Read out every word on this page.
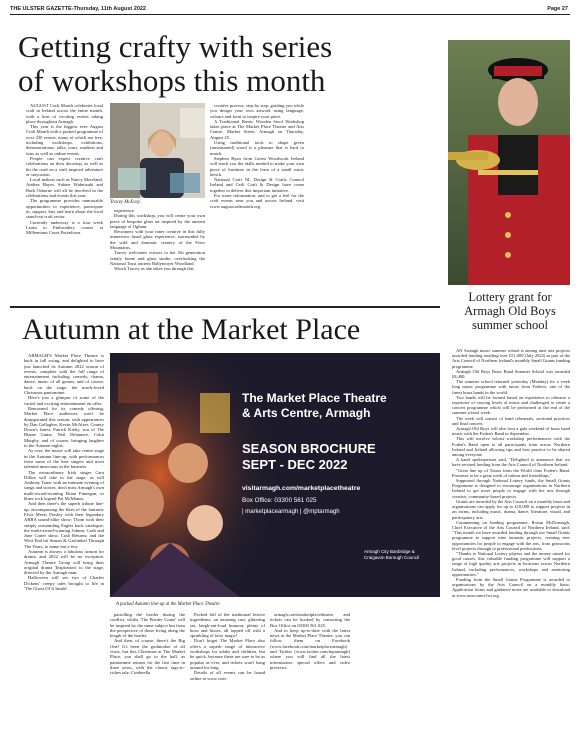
THE ULSTER GAZETTE-Thursday, 11th August 2022	Page 27
Getting crafty with series
of workshops this month

AUGUST Craft Month celebrates local craft in Ireland across the entire month, with a host of exciting events taking place throughout Armagh.

This year is the biggest ever August Craft Month with a packed programme of over 230 events, many of which are free, including workshops, exhibitions, demonstrations, talks, tours, markets and fairs as well as online events.

People can expect creative craft celebrations on their doorstep, as well as hit the road on a craft inspired adventure or staycation.

Local makers such as Nancy Moreland, Andrea Hayes, Sabine Wubnizaki and Ruth Osborne will all be involved in the celebrations and events this year.

The programme provides unmissable opportunities to experience, participate in, support, buy and learn about the local stand-out craft sector.

Currently underway is a four week Learn to Embroidery course at Millennium Court,Portadown.

Tracey McEvoy.

experience.

During this workshop, you will create your own piece of bespoke glass art inspired by the ancient language of Ogham.

Reconnect with your inner creative in this fully immersive fused glass experience, surrounded by the wild and dramatic scenery of the Fews Mountains.

Tracey welcomes visitors to her 5th generation family home and glass studio, overlooking the National Trust ancient Ballymoyer Woodland.

Winch Tracey as she takes you through this

creative process, step by step, guiding you while you design your own artwork using language, colours and form to inspire your piece.

A Traditional Rustic Wooden Stool Workshop takes place at The Market Place Theatre and Arts Centre, Market Street, Armagh on Thursday, August 25.

Using traditional tools to shape green (unseasoned) wood is a pleasure that is hard to match.

Stephen Ryan from Green Woodwork Ireland will teach you the skills needed to make your own piece of furniture in the form of a small rustic bench.

National Craft NI, Design & Crafts Council Ireland and Ceili Craft & Design have come together to deliver this important initiative.

For more information, and to get a feel for the craft events near you and across Ireland, visit www.augustcraftmonth.org.

Lottery grant for Armagh Old Boys summer school
Autumn at the Market Place

ARMAGH'S Market Place Theatre is back in full swing, and delighted to have just launched its Autumn 2022 season of events, complete with the full range of entertainment including comedy, drama, dance, music of all genres, and of course, back on the stage, the much-loved Christmas pantomime.

Here's just a glimpse of some of the varied and exciting entertainment on offer.

Renowned for its comedy offering, Market Place audiences won't be disappointed this season, with appearances by Dan Gallagher, Kevin McAleer, County Down's finest, Patrick Kielty, star of The Blame Game, Neil Delamere, Colin Murphy, and of course, bringing laughter to the Autumn nights.

As ever, the music will take centre stage in the Autumn line-up, with performances from some of the best singers and most talented musicians in the business.

The extraordinary Irish singer Cara Dillon will take to the stage, as will Anthony Toner with an intimate evening of songs and stories; don't miss Armagh's own multi-award-winning Brian Finnegan, or blues rock legend Pat McManus.

And then there's the superb tribute line-up, encompassing the likes of the fantastic Elvis Meets Presley with their legendary ABBA sound-alike show; Thom with their simply outstanding Eagles back catalogue; the multi-award-winning Johnny Cash and June Carter show, Cash Returns; and the West End hit Simon & Garfunkel Through The Years, to name but a few.

Autumn is always a fabulous season for drama, and 2022 will be no exception. Armagh Theatre Group will bring their original drama 'Inspiration' to the stage, directed by the Armagh man.

Halloween will see two of Charles Dickens' creepy tales brought to life in 'The Ghost Of It Inside'.

The Market Place Theatre
& Arts Centre, Armagh
SEASON BROCHURE
SEPT - DEC 2022
visitarmagh.com/marketplacetheatre
Box Office: 03300 561 025
| marketplacearmagh | @mptarmagh
Armagh City Banbridge & Craigavon Borough Council
A packed Autumn line-up at the Market Place Theatre.

patrolling the border during the conflict, whilst 'The Border Crane' will be inspired by the same subject but from the perspective of those living along the length of the border.

And then, of course, there's the Big One! It's been the godmother of all visits, but this Christmas at The Market Place, you shall go to the ball, as pantomime returns for the first time in three years, with the classic rags-to-riches tale, Cinderella.

Packed full of the traditional festive ingredients, an amazing cast, glittering set, laugh-out-loud humour, plenty of boos and hisses, all topped off with a sprinkling of fairy magic!

Don't forget The Market Place also offers a superb range of interactive workshops for adults and children, but be quick, because these are sure to be as popular as ever, and tickets won't hang around for long.

Details of all events can be found online at www.visit-

armagh.com/marketplacetheatre, and tickets can be booked by contacting the Box Office on 03300 561 025.

And to keep up-to-date with the latest news at the Market Place Theatre, you can follow them on Facebook (www.facebook.com/marketplacearmagh) and Twitter (www.twitter.com/mparmagh) where you will find all the latest information, special offers and video previews.

AN Armagh music summer school is among nine arts projects awarded funding totalling over £51,000 (July 2022) as part of the Arts Council of Northern Ireland's monthly Small Grants funding programme.

Armagh Old Boys Brass Band Summer School was awarded £8,400.

The summer school returned yesterday (Monday) for a week long music programme with tutors from Foden's, one of the finest brass bands in the world.

Two bands will be formed based on experience to rehearse a repertoire of varying levels of music and challenged to create a concert programme which will be performed at the end of the summer school week.

The week will consist of band rehearsals, sectional practices and final concert.

Armagh Old Boys will also host a gala weekend of brass band music with the Foden's Band in September.

This will involve soloist workshop performances with the Foden's Band open to all participants from across Northern Ireland and Ireland allowing tips and best practice to be shared among everyone.

A band spokesperson said, "Delighted to announce that we have secured funding from the Arts Council of Northern Ireland.

"Great line up of Tutors from the World class Foden's Band. Promises to be a great week of tuition and friendships."

Supported through National Lottery funds, the Small Grants Programme is designed to encourage organisations in Northern Ireland to get more people to engage with the arts through creative, community-based projects.

Grants are awarded by the Arts Council on a monthly basis and organisations can apply for up to £10,000 to support projects in art forms, including music, drama, dance, literature, visual, and participatory arts.

Commenting on funding programme, Roisin McDonough, Chief Executive of the Arts Council of Northern Ireland, said: "This month we have awarded funding through our Small Grants programme to support nine fantastic projects, creating new opportunities for people to engage with the arts, from grassroots level projects through to professional productions.

"Thanks to National Lottery players and the money raised for good causes, this valuable funding programme will support a range of high quality arts projects in locations across Northern Ireland, including performances, workshops and mentoring opportunities."

Funding from the Small Grants Programme is awarded to organisations by the Arts Council on a monthly basis. Application forms and guidance notes are available to download at www.artscouncil-ni.org.
